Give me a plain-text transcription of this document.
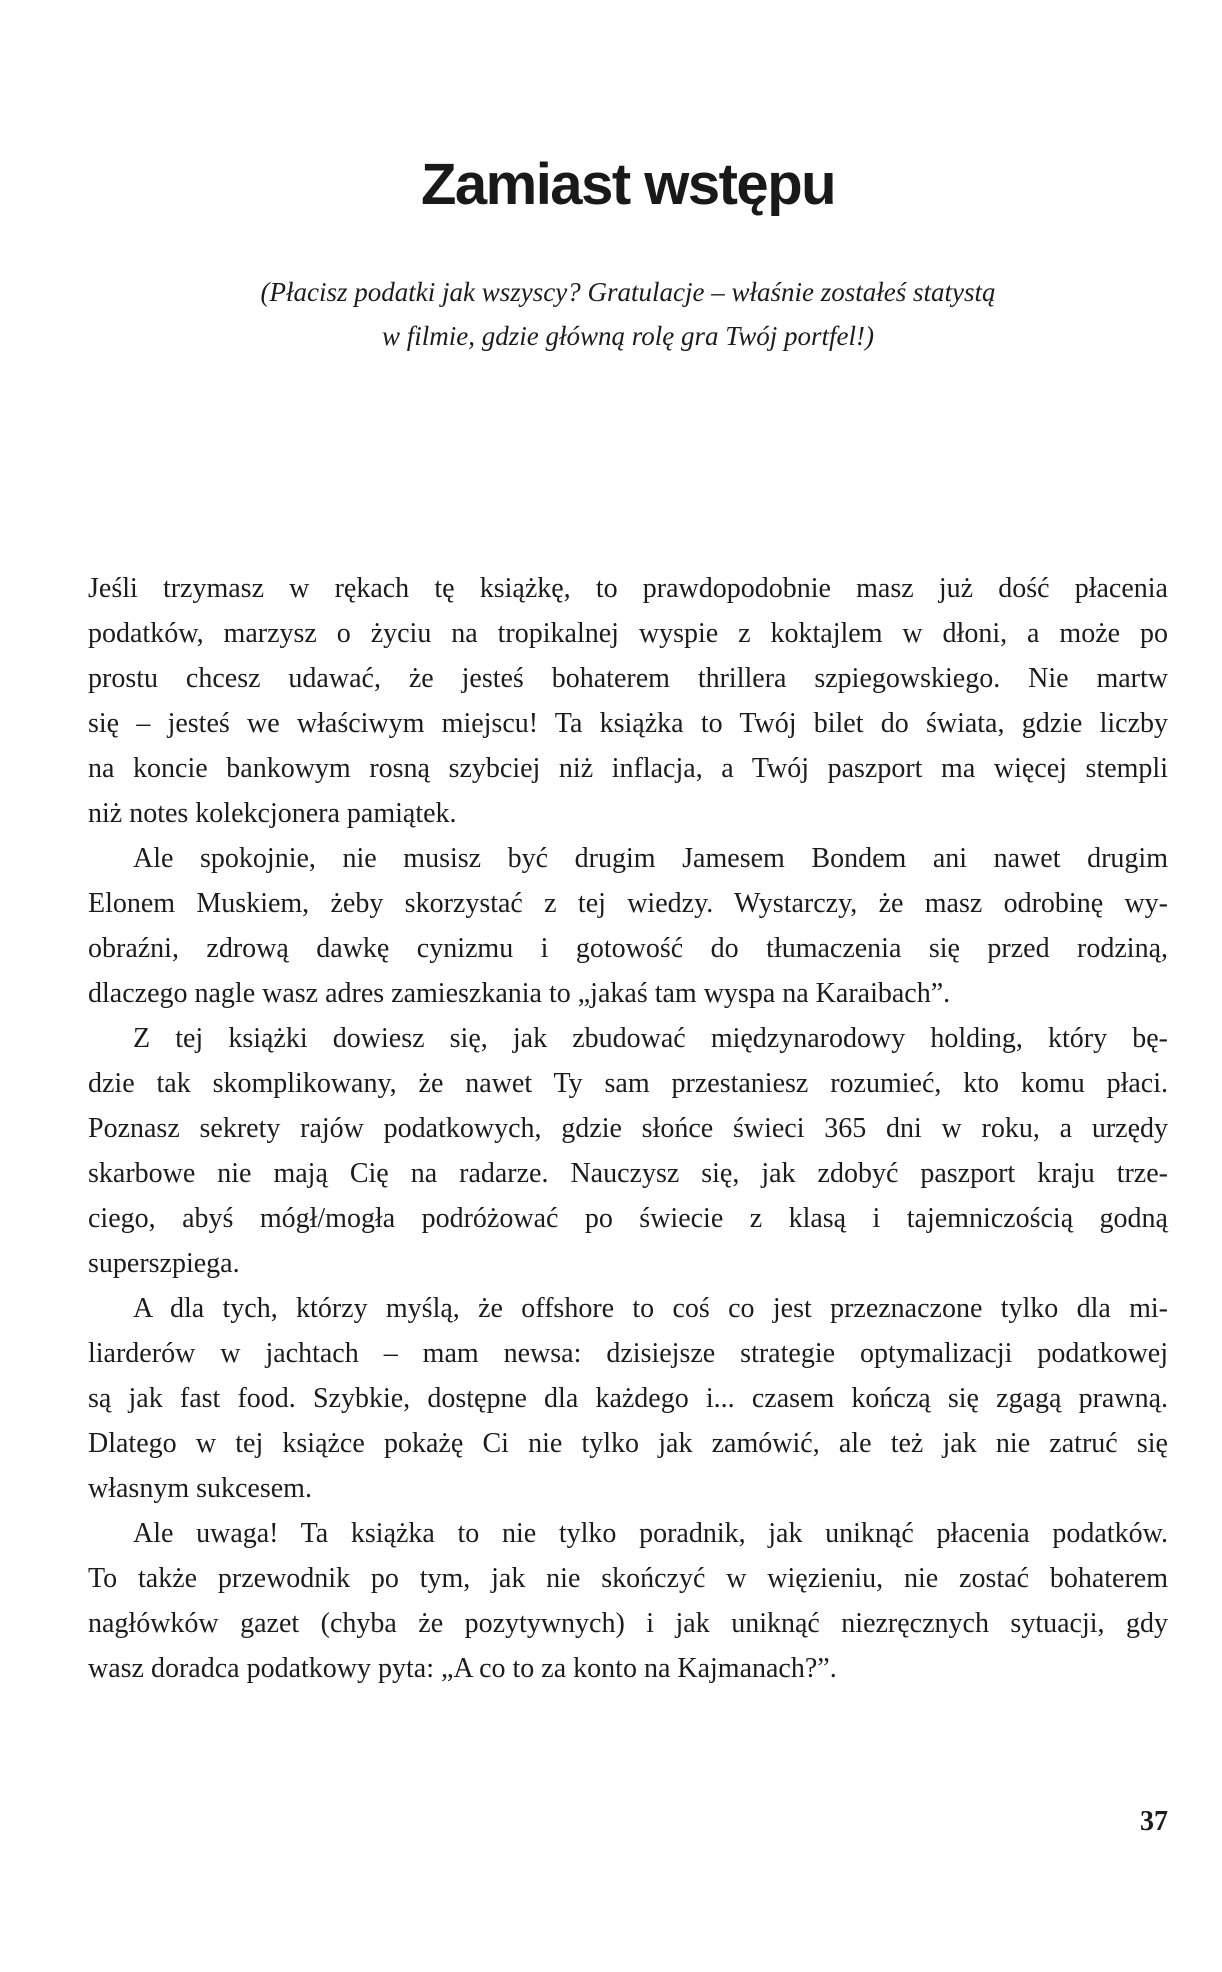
Zamiast wstępu
(Płacisz podatki jak wszyscy? Gratulacje – właśnie zostałeś statystą
w filmie, gdzie główną rolę gra Twój portfel!)
Jeśli trzymasz w rękach tę książkę, to prawdopodobnie masz już dość płacenia
podatków, marzysz o życiu na tropikalnej wyspie z koktajlem w dłoni, a może po
prostu chcesz udawać, że jesteś bohaterem thrillera szpiegowskiego. Nie martw
się – jesteś we właściwym miejscu! Ta książka to Twój bilet do świata, gdzie liczby
na koncie bankowym rosną szybciej niż inflacja, a Twój paszport ma więcej stempli
niż notes kolekcjonera pamiątek.
Ale spokojnie, nie musisz być drugim Jamesem Bondem ani nawet drugim
Elonem Muskiem, żeby skorzystać z tej wiedzy. Wystarczy, że masz odrobinę wy-
obraźni, zdrową dawkę cynizmu i gotowość do tłumaczenia się przed rodziną,
dlaczego nagle wasz adres zamieszkania to „jakaś tam wyspa na Karaibach”.
Z tej książki dowiesz się, jak zbudować międzynarodowy holding, który bę-
dzie tak skomplikowany, że nawet Ty sam przestaniesz rozumieć, kto komu płaci.
Poznasz sekrety rajów podatkowych, gdzie słońce świeci 365 dni w roku, a urzędy
skarbowe nie mają Cię na radarze. Nauczysz się, jak zdobyć paszport kraju trze-
ciego, abyś mógł/mogła podróżować po świecie z klasą i tajemniczością godną
superszpiega.
A dla tych, którzy myślą, że offshore to coś co jest przeznaczone tylko dla mi-
liarderów w jachtach – mam newsa: dzisiejsze strategie optymalizacji podatkowej
są jak fast food. Szybkie, dostępne dla każdego i... czasem kończą się zgagą prawną.
Dlatego w tej książce pokażę Ci nie tylko jak zamówić, ale też jak nie zatruć się
własnym sukcesem.
Ale uwaga! Ta książka to nie tylko poradnik, jak uniknąć płacenia podatków.
To także przewodnik po tym, jak nie skończyć w więzieniu, nie zostać bohaterem
nagłówków gazet (chyba że pozytywnych) i jak uniknąć niezręcznych sytuacji, gdy
wasz doradca podatkowy pyta: „A co to za konto na Kajmanach?”.
37
